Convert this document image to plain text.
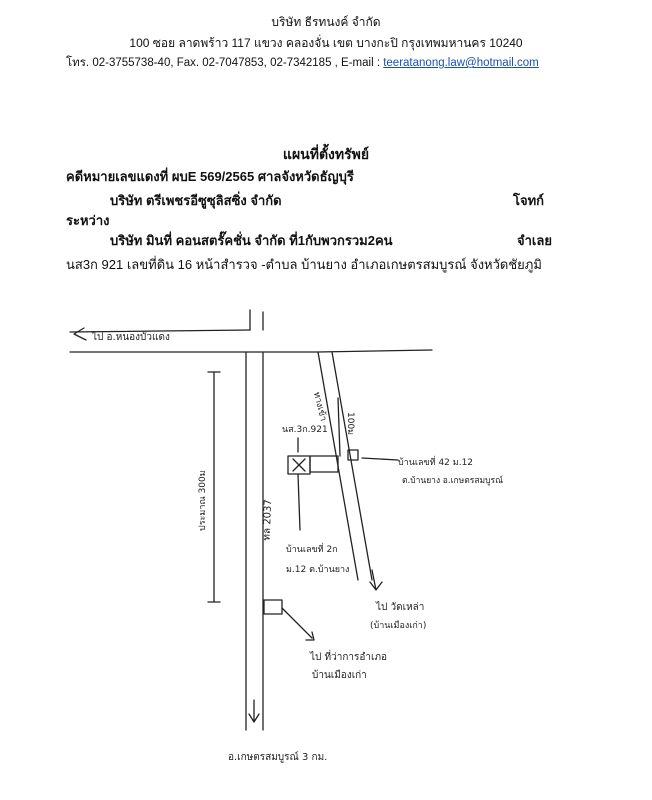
บริษัท ธีรทนงค์ จำกัด
100 ซอย ลาดพร้าว 117 แขวง คลองจั่น เขต บางกะปิ กรุงเทพมหานคร 10240
โทร. 02-3755738-40, Fax. 02-7047853, 02-7342185 , E-mail : teeratanong.law@hotmail.com
แผนที่ตั้งทรัพย์
คดีหมายเลขแดงที่ ผบE 569/2565 ศาลจังหวัดธัญบุรี
บริษัท ตรีเพชรอีซูซุลิสซิ่ง จำกัด	โจทก์
ระหว่าง
บริษัท มินที่ คอนสตรั๊คชั่น จำกัด ที่1กับพวกรวม2คน	จำเลย
นส3ก 921 เลขที่ดิน 16 หน้าสำรวจ -ตำบล บ้านยาง อำเภอเกษตรสมบูรณ์ จังหวัดชัยภูมิ
ไป อ.หนองบัวแดง
ประมาณ 300ม	ทล 2037
ทางเข้า
100ม
นส.3ก.921
บ้านเลขที่ 42 ม.12
ต.บ้านยาง อ.เกษตรสมบูรณ์
บ้านเลขที่ 2ก
ม.12 ต.บ้านยาง
ไป วัดเหล่า
(บ้านเมืองเก่า)
ไป ที่ว่าการอำเภอ
บ้านเมืองเก่า
อ.เกษตรสมบูรณ์ 3 กม.
